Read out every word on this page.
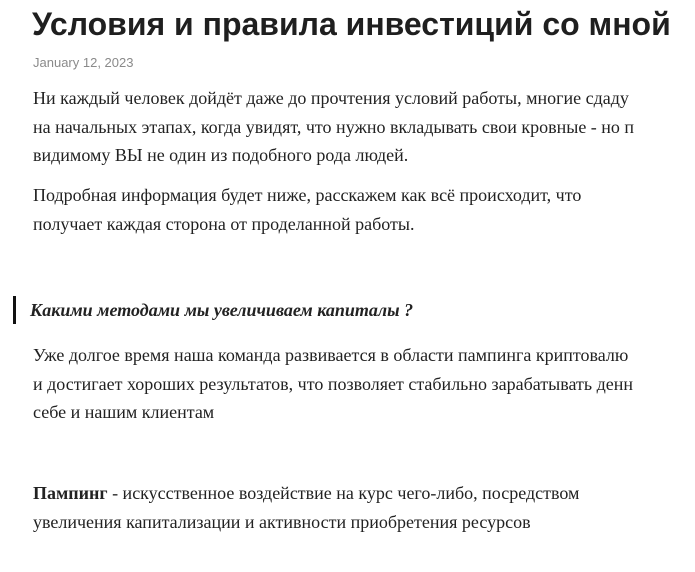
Условия и правила инвестиций со мной
January 12, 2023

Ни каждый человек дойдёт даже до прочтения условий работы, многие сдаду
на начальных этапах, когда увидят, что нужно вкладывать свои кровные - но п
видимому ВЫ не один из подобного рода людей.

Подробная информация будет ниже, расскажем как всё происходит, что
получает каждая сторона от проделанной работы.

Какими методами мы увеличиваем капиталы ?

Уже долгое время наша команда развивается в области пампинга криптовалю
и достигает хороших результатов, что позволяет стабильно зарабатывать денн
себе и нашим клиентам

Пампинг - искусственное воздействие на курс чего-либо, посредством
увеличения капитализации и активности приобретения ресурсов
